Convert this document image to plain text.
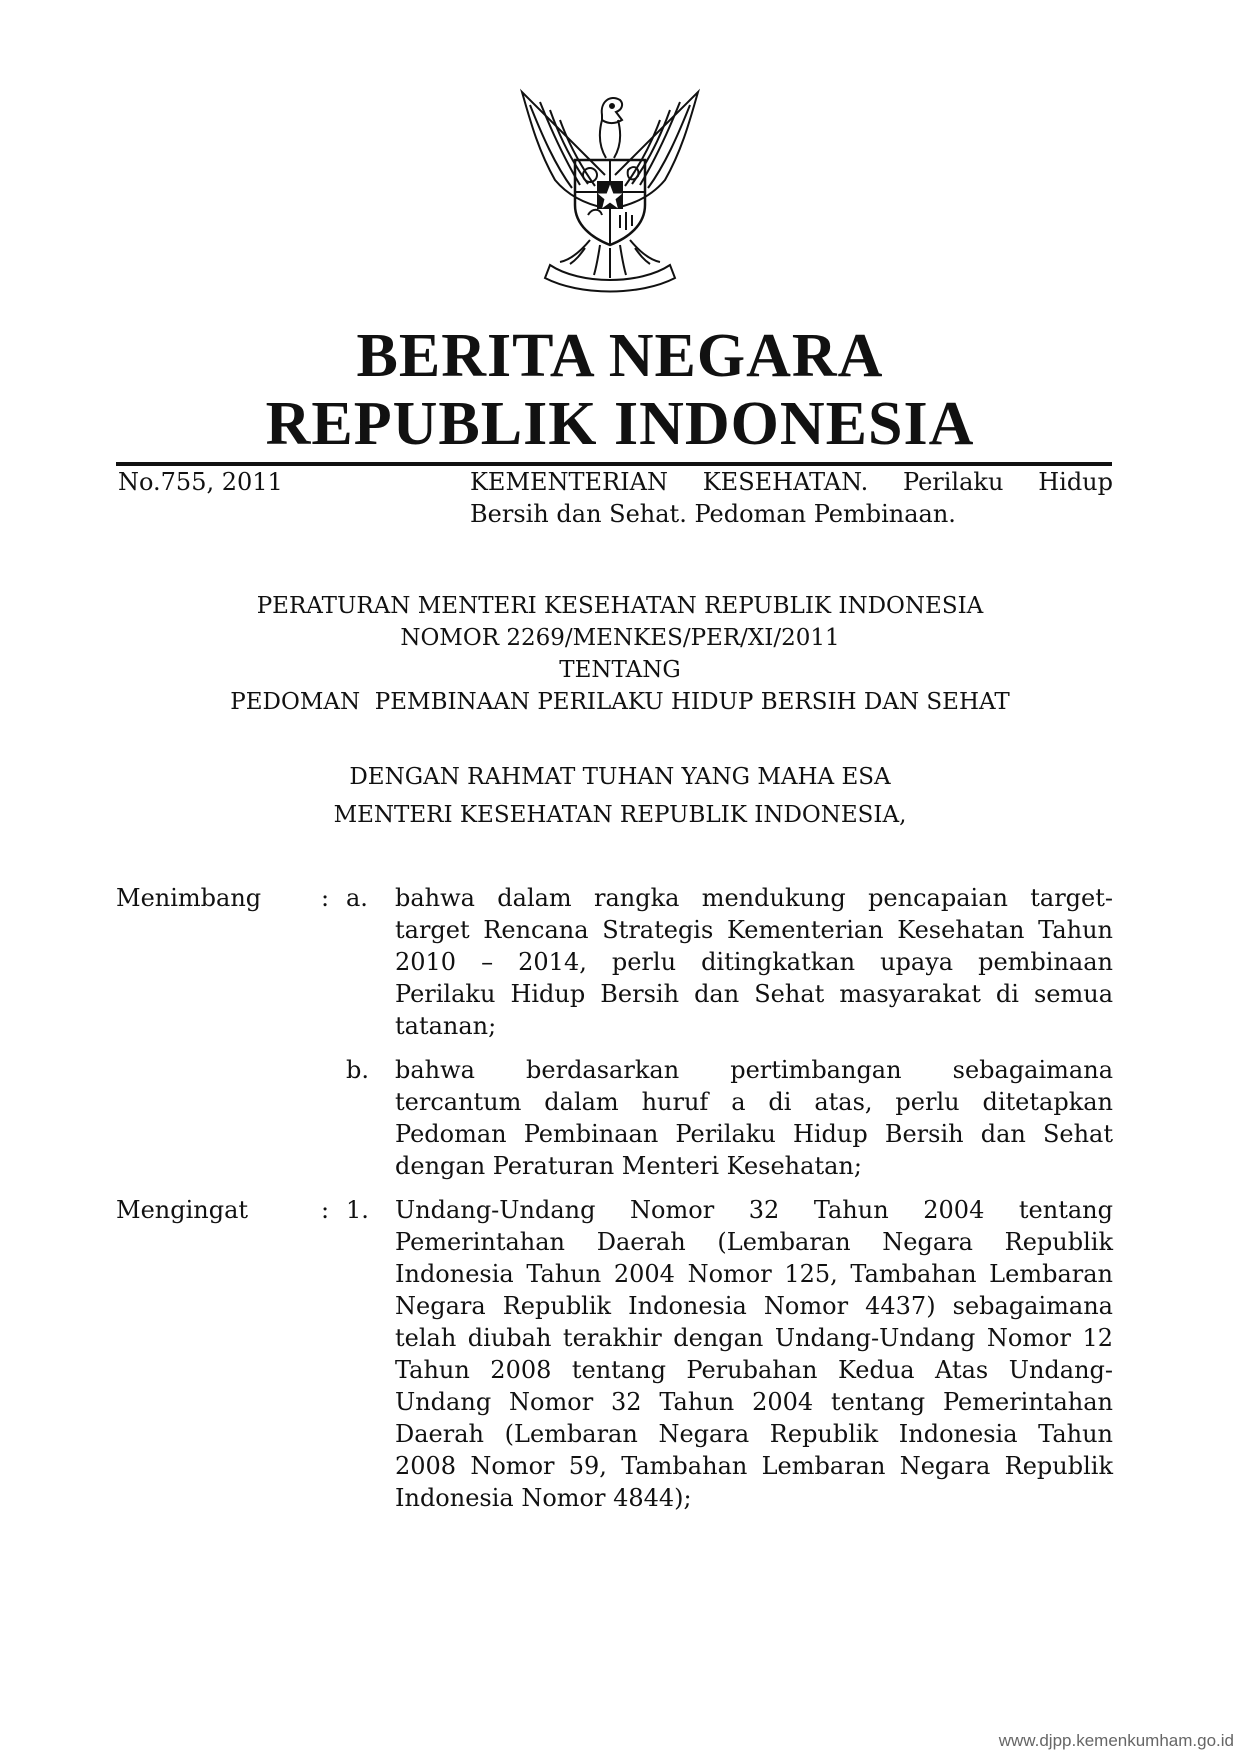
BERITA NEGARA
REPUBLIK INDONESIA
No.755, 2011	KEMENTERIAN KESEHATAN. Perilaku Hidup
Bersih dan Sehat. Pedoman Pembinaan.
PERATURAN MENTERI KESEHATAN REPUBLIK INDONESIA
NOMOR 2269/MENKES/PER/XI/2011
TENTANG
PEDOMAN  PEMBINAAN PERILAKU HIDUP BERSIH DAN SEHAT
DENGAN RAHMAT TUHAN YANG MAHA ESA
MENTERI KESEHATAN REPUBLIK INDONESIA,
Menimbang : a. bahwa dalam rangka mendukung pencapaian target-target Rencana Strategis Kementerian Kesehatan Tahun 2010 – 2014, perlu ditingkatkan upaya pembinaan Perilaku Hidup Bersih dan Sehat masyarakat di semua tatanan;
b. bahwa berdasarkan pertimbangan sebagaimana tercantum dalam huruf a di atas, perlu ditetapkan Pedoman Pembinaan Perilaku Hidup Bersih dan Sehat dengan Peraturan Menteri Kesehatan;
Mengingat	: 1. Undang-Undang Nomor 32 Tahun 2004 tentang Pemerintahan Daerah (Lembaran Negara Republik Indonesia Tahun 2004 Nomor 125, Tambahan Lembaran Negara Republik Indonesia Nomor 4437) sebagaimana telah diubah terakhir dengan Undang-Undang Nomor 12 Tahun 2008 tentang Perubahan Kedua Atas Undang-Undang Nomor 32 Tahun 2004 tentang Pemerintahan Daerah (Lembaran Negara Republik Indonesia Tahun 2008 Nomor 59, Tambahan Lembaran Negara Republik Indonesia Nomor 4844);
www.djpp.kemenkumham.go.id
